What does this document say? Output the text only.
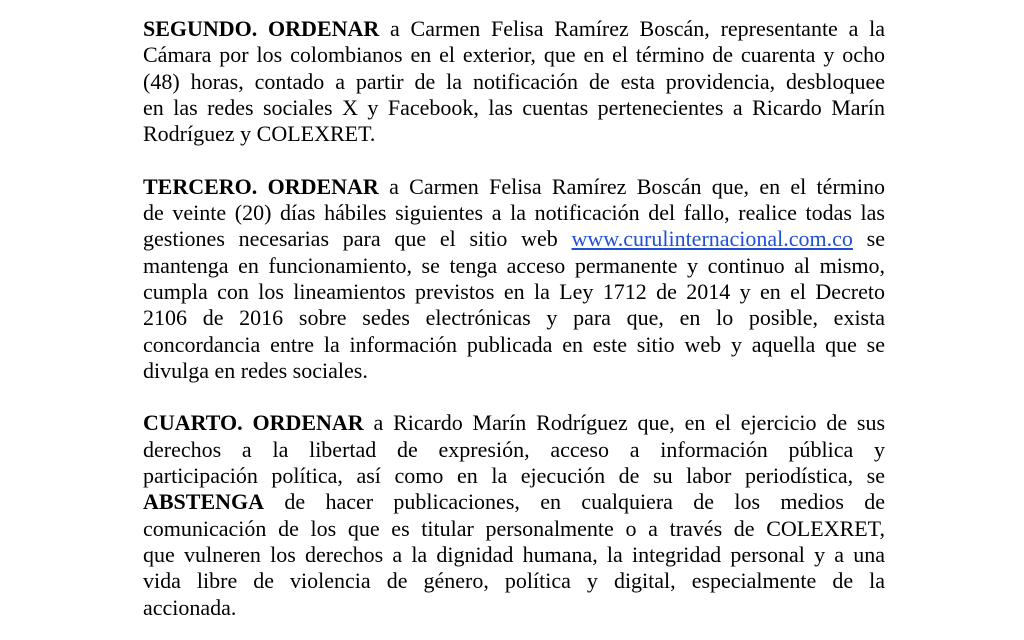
SEGUNDO. ORDENAR a Carmen Felisa Ramírez Boscán, representante a la
Cámara por los colombianos en el exterior, que en el término de cuarenta y ocho
(48) horas, contado a partir de la notificación de esta providencia, desbloquee
en las redes sociales X y Facebook, las cuentas pertenecientes a Ricardo Marín
Rodríguez y COLEXRET.
TERCERO. ORDENAR a Carmen Felisa Ramírez Boscán que, en el término
de veinte (20) días hábiles siguientes a la notificación del fallo, realice todas las
gestiones necesarias para que el sitio web www.curulinternacional.com.co se
mantenga en funcionamiento, se tenga acceso permanente y continuo al mismo,
cumpla con los lineamientos previstos en la Ley 1712 de 2014 y en el Decreto
2106 de 2016 sobre sedes electrónicas y para que, en lo posible, exista
concordancia entre la información publicada en este sitio web y aquella que se
divulga en redes sociales.
CUARTO. ORDENAR a Ricardo Marín Rodríguez que, en el ejercicio de sus
derechos a la libertad de expresión, acceso a información pública y
participación política, así como en la ejecución de su labor periodística, se
ABSTENGA de hacer publicaciones, en cualquiera de los medios de
comunicación de los que es titular personalmente o a través de COLEXRET,
que vulneren los derechos a la dignidad humana, la integridad personal y a una
vida libre de violencia de género, política y digital, especialmente de la
accionada.
